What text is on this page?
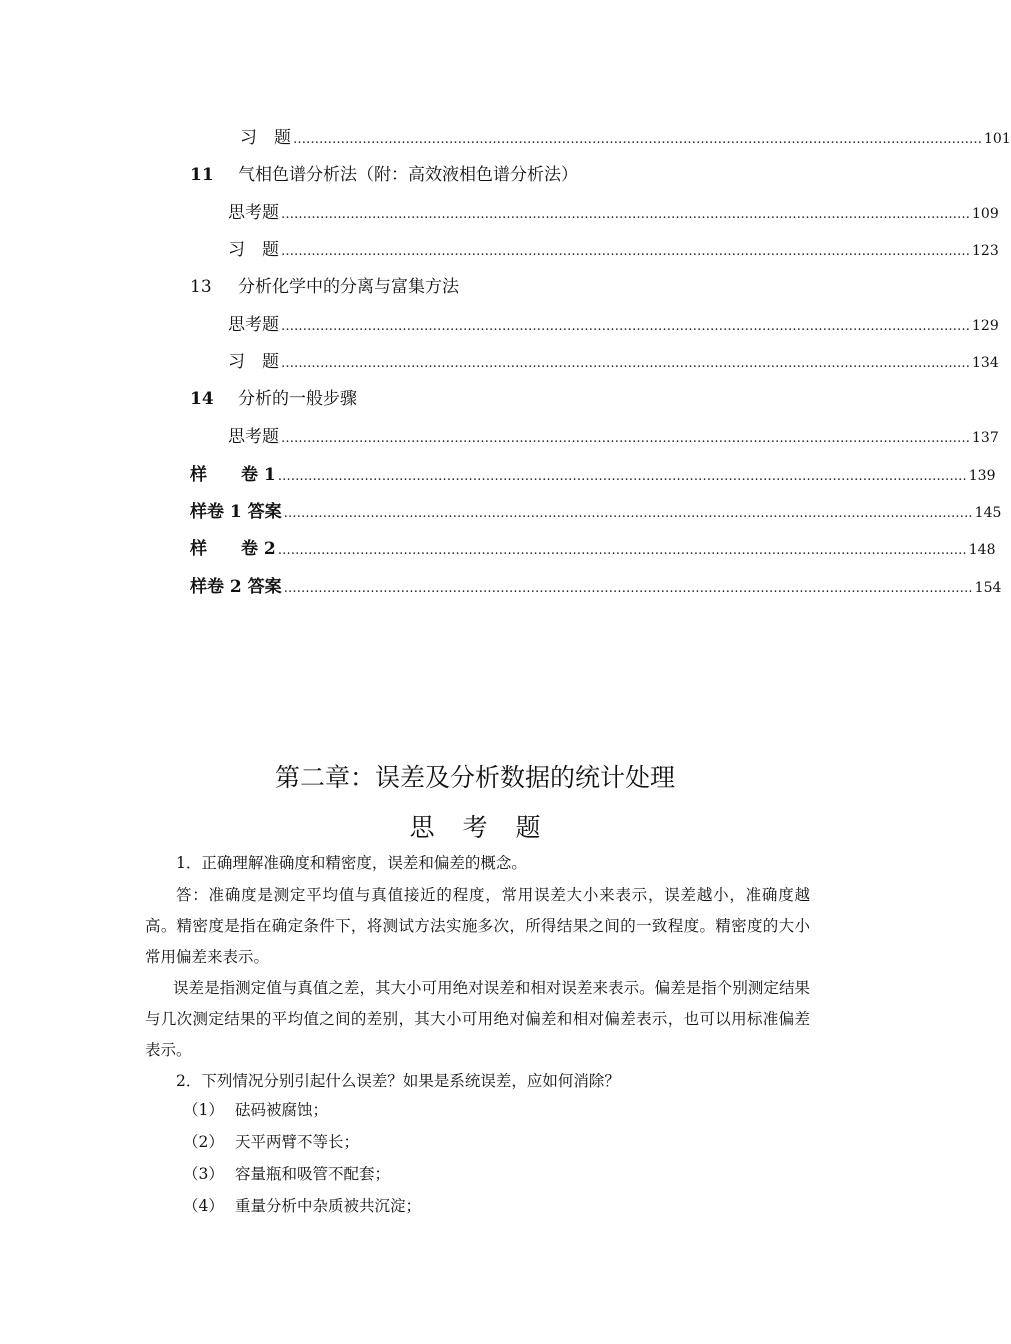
习　题 …………………………………………………………………………………………………………………………………………… 101
11 气相色谱分析法（附：高效液相色谱分析法）
思考题 …………………………………………………………………………………………………………………………………………… 109
习　题 …………………………………………………………………………………………………………………………………………… 123
13 分析化学中的分离与富集方法
思考题 …………………………………………………………………………………………………………………………………………… 129
习　题 …………………………………………………………………………………………………………………………………………… 134
14 分析的一般步骤
思考题 …………………………………………………………………………………………………………………………………………… 137
样　　卷 1 …………………………………………………………………………………………………………………………………………… 139
样卷 1 答案 …………………………………………………………………………………………………………………………………………… 145
样　　卷 2 …………………………………………………………………………………………………………………………………………… 148
样卷 2 答案 …………………………………………………………………………………………………………………………………………… 154
第二章：误差及分析数据的统计处理
思考题
1．正确理解准确度和精密度，误差和偏差的概念。
答：准确度是测定平均值与真值接近的程度，常用误差大小来表示，误差越小，准确度越高。精密度是指在确定条件下，将测试方法实施多次，所得结果之间的一致程度。精密度的大小常用偏差来表示。
误差是指测定值与真值之差，其大小可用绝对误差和相对误差来表示。偏差是指个别测定结果与几次测定结果的平均值之间的差别，其大小可用绝对偏差和相对偏差表示，也可以用标准偏差表示。
2．下列情况分别引起什么误差？如果是系统误差，应如何消除？
（1） 砝码被腐蚀；
（2） 天平两臂不等长；
（3） 容量瓶和吸管不配套；
（4） 重量分析中杂质被共沉淀；
